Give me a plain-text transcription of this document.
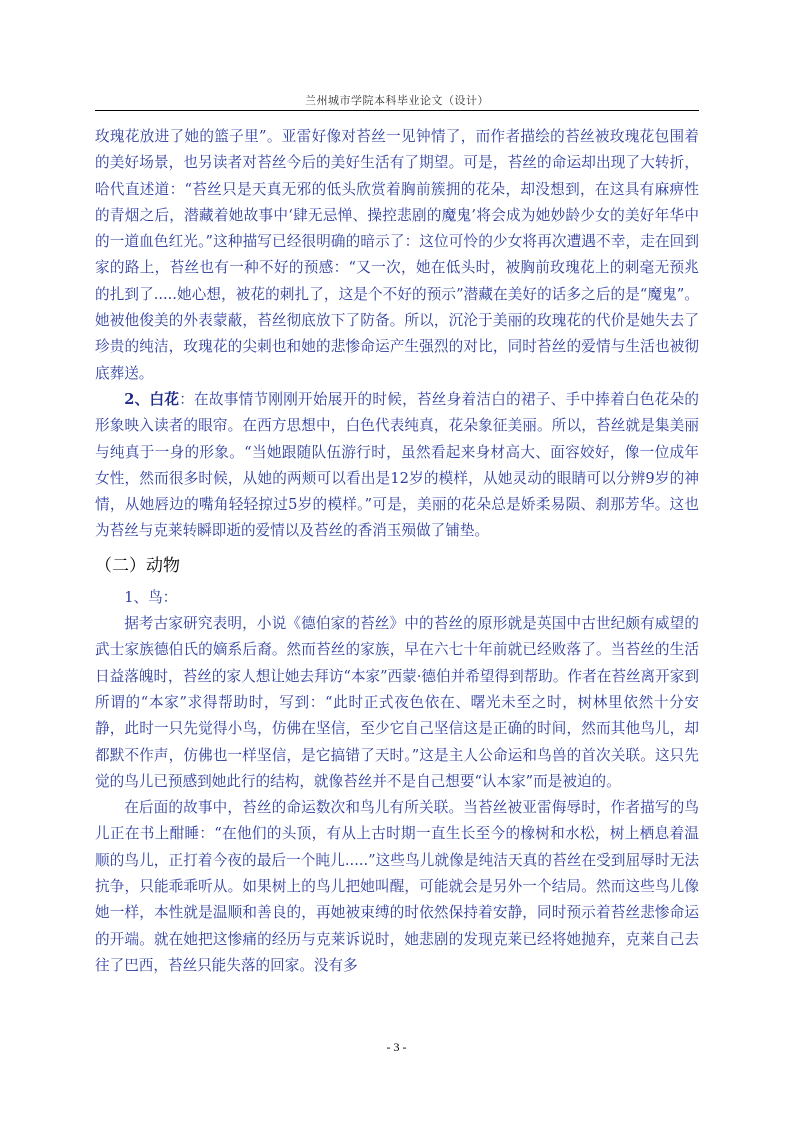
兰州城市学院本科毕业论文（设计）

玫瑰花放进了她的篮子里”。亚雷好像对苔丝一见钟情了，而作者描绘的苔丝被玫瑰花包围着的美好场景，也另读者对苔丝今后的美好生活有了期望。可是，苔丝的命运却出现了大转折，哈代直述道：“苔丝只是天真无邪的低头欣赏着胸前簇拥的花朵，却没想到，在这具有麻痹性的青烟之后，潜藏着她故事中‘肆无忌惮、操控悲剧的魔鬼’将会成为她妙龄少女的美好年华中的一道血色红光。”这种描写已经很明确的暗示了：这位可怜的少女将再次遭遇不幸，走在回到家的路上，苔丝也有一种不好的预感：“又一次，她在低头时，被胸前玫瑰花上的刺毫无预兆的扎到了.....她心想，被花的刺扎了，这是个不好的预示”潜藏在美好的话多之后的是“魔鬼”。她被他俊美的外表蒙蔽，苔丝彻底放下了防备。所以，沉沦于美丽的玫瑰花的代价是她失去了珍贵的纯洁，玫瑰花的尖刺也和她的悲惨命运产生强烈的对比，同时苔丝的爱情与生活也被彻底葬送。

2、白花：在故事情节刚刚开始展开的时候，苔丝身着洁白的裙子、手中捧着白色花朵的形象映入读者的眼帘。在西方思想中，白色代表纯真，花朵象征美丽。所以，苔丝就是集美丽与纯真于一身的形象。“当她跟随队伍游行时，虽然看起来身材高大、面容姣好，像一位成年女性，然而很多时候，从她的两颊可以看出是12岁的模样，从她灵动的眼睛可以分辨9岁的神情，从她唇边的嘴角轻轻掠过5岁的模样。”可是，美丽的花朵总是娇柔易陨、刹那芳华。这也为苔丝与克莱转瞬即逝的爱情以及苔丝的香消玉殒做了铺垫。

（二）动物

1、鸟：

据考古家研究表明，小说《德伯家的苔丝》中的苔丝的原形就是英国中古世纪颇有威望的武士家族德伯氏的嫡系后裔。然而苔丝的家族，早在六七十年前就已经败落了。当苔丝的生活日益落魄时，苔丝的家人想让她去拜访“本家”西蒙·德伯并希望得到帮助。作者在苔丝离开家到所谓的“本家”求得帮助时，写到：“此时正式夜色依在、曙光未至之时，树林里依然十分安静，此时一只先觉得小鸟，仿佛在坚信，至少它自己坚信这是正确的时间，然而其他鸟儿，却都默不作声，仿佛也一样坚信，是它搞错了天时。”这是主人公命运和鸟兽的首次关联。这只先觉的鸟儿已预感到她此行的结构，就像苔丝并不是自己想要“认本家”而是被迫的。

在后面的故事中，苔丝的命运数次和鸟儿有所关联。当苔丝被亚雷侮辱时，作者描写的鸟儿正在书上酣睡：“在他们的头顶，有从上古时期一直生长至今的橡树和水松，树上栖息着温顺的鸟儿，正打着今夜的最后一个盹儿.....”这些鸟儿就像是纯洁天真的苔丝在受到屈辱时无法抗争，只能乖乖听从。如果树上的鸟儿把她叫醒，可能就会是另外一个结局。然而这些鸟儿像她一样，本性就是温顺和善良的，再她被束缚的时依然保持着安静，同时预示着苔丝悲惨命运的开端。就在她把这惨痛的经历与克莱诉说时，她悲剧的发现克莱已经将她抛弃，克莱自己去往了巴西，苔丝只能失落的回家。没有多

- 3 -
